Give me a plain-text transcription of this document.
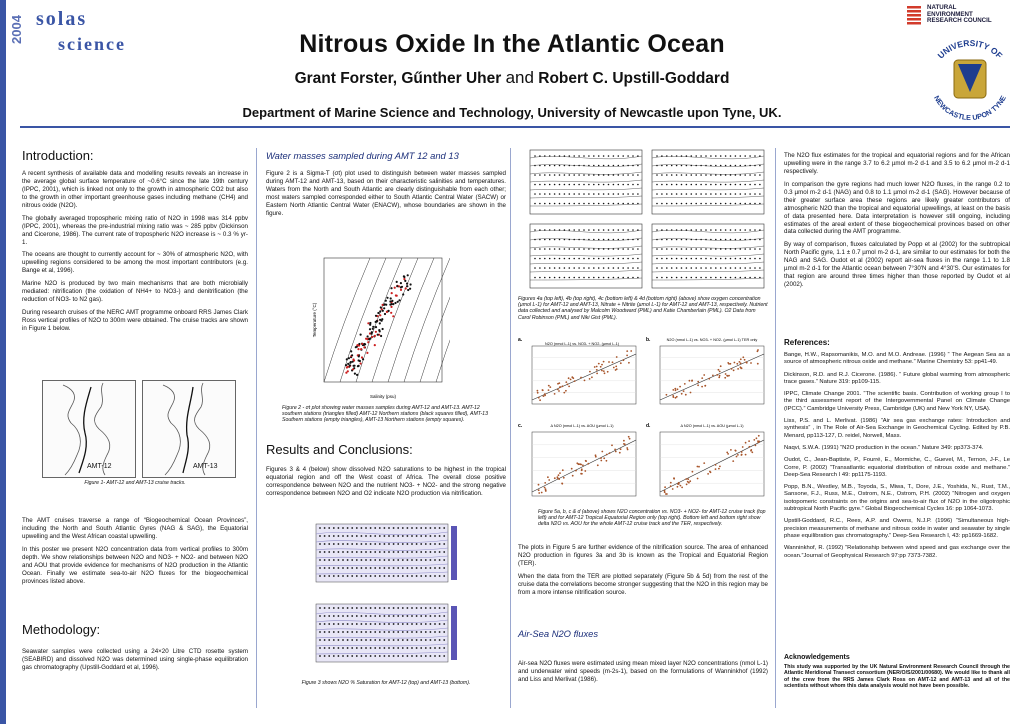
2004 solas
science	Nitrous Oxide In the Atlantic Ocean
Grant Forster, Gűnther Uher and Robert C. Upstill-Goddard
Department of Marine Science and Technology, University of Newcastle upon Tyne, UK.
NATURAL ENVIRONMENT RESEARCH COUNCIL
UNIVERSITY OF
NEWCASTLE UPON TYNE
Introduction:

A recent synthesis of available data and modelling results reveals an increase in the average global surface temperature of ~0.6°C since the late 19th century (IPPC, 2001), which is linked not only to the growth in atmospheric CO2 but also to the growth in other important greenhouse gases including methane (CH4) and nitrous oxide (N2O).

The globally averaged tropospheric mixing ratio of N2O in 1998 was 314 ppbv (IPPC, 2001), whereas the pre-industrial mixing ratio was ~ 285 ppbv (Dickinson and Cicerone, 1986). The current rate of tropospheric N2O increase is ~ 0.3 % yr-1.

The oceans are thought to currently account for ~ 30% of atmospheric N2O, with upwelling regions considered to be among the most important contributors (e.g. Bange et al, 1996).

Marine N2O is produced by two main mechanisms that are both microbially mediated: nitrification (the oxidation of NH4+ to NO3-) and denitrification (the reduction of NO3- to N2 gas).

During research cruises of the NERC AMT programme onboard RRS James Clark Ross vertical profiles of N2O to 300m were obtained. The cruise tracks are shown in Figure 1 below.

AMT-12	AMT-13
Figure 1- AMT-12 and AMT-13 cruise tracks.

The AMT cruises traverse a range of “Biogeochemical Ocean Provinces”, including the North and South Atlantic Gyres (NAG & SAG), the Equatorial upwelling and the West African coastal upwelling.

In this poster we present N2O concentration data from vertical profiles to 300m depth. We show relationships between N2O and NO3- + NO2- and between N2O and AOU that provide evidence for mechanisms of N2O production in the Atlantic Ocean. Finally we estimate sea-to-air N2O fluxes for the biogeochemical provinces listed above.

Methodology:

Seawater samples were collected using a 24×20 Litre CTD rosette system (SEABIRD) and dissolved N2O was determined using single-phase equilibration gas chromatography (Upstill-Goddard et al, 1996).

Water masses sampled during AMT 12 and 13
Figure 2 is a Sigma-T (σt) plot used to distinguish between water masses sampled during AMT-12 and AMT-13, based on their characteristic salinities and temperatures. Waters from the North and South Atlantic are clearly distinguishable from each other; most waters sampled corresponded either to South Atlantic Central Water (SACW) or Eastern North Atlantic Central Water (ENACW), whose boundaries are shown in the figure.
Salinity (psu)
Temperature (°C)
Figure 2 - σt plot showing water masses samples during AMT-12 and AMT-13. AMT-12 southern stations (triangles filled) AMT-12 Northern stations (black squares filled), AMT-13 Southern stations (empty triangles), AMT-13 Northern stations (empty squares).
Results and Conclusions:
Figures 3 & 4 (below) show dissolved N2O saturations to be highest in the tropical equatorial region and off the West coast of Africa. The overall close positive correspondence between N2O and the nutrient NO3- + NO2- and the strong negative correspondence between N2O and O2 indicate N2O production via nitrification.
Figure 3 shows N2O % Saturation for AMT-12 (top) and AMT-13 (bottom).
Figures 4a (top left), 4b (top right), 4c (bottom left) & 4d (bottom right) (above) show oxygen concentration (µmol L-1) for AMT-12 and AMT-13, Nitrate + Nitrite (µmol L-1) for AMT-12 and AMT-13, respectively. Nutrient data collected and analysed by Malcolm Woodward (PML) and Katie Chamberlain (PML). O2 Data from Carol Robinson (PML) and Niki Gist (PML).
a.
N2O (nmol L-1) vs. NO3- + NO2- (µmol L-1)
b.	N2O (nmol L-1) vs. NO3- + NO2- (µmol L-1) TER only
c.	Δ N2O (nmol L-1) vs. AOU (µmol L-1)	d.	Δ N2O (nmol L-1) vs. AOU (µmol L-1)
Figure 5a, b, c & d (above) shows N2O concentration vs. NO3- + NO2- for AMT-12 cruise track (top left) and for AMT-12 Tropical Equatorial Region only (top right). Bottom left and bottom right show delta N2O vs. AOU for the whole AMT-12 cruise track and the TER, respectively.

The plots in Figure 5 are further evidence of the nitrification source. The area of enhanced N2O production in figures 3a and 3b is known as the Tropical and Equatorial Region (TER).

When the data from the TER are plotted separately (Figure 5b & 5d) from the rest of the cruise data the correlations become stronger suggesting that the N2O in this region may be from a more intense nitrification source.

Air-Sea N2O fluxes
Air-sea N2O fluxes were estimated using mean mixed layer N2O concentrations (nmol L-1) and underwater wind speeds (m-2s-1), based on the formulations of Wanninkhof (1992) and Liss and Merlivat (1986).

The N2O flux estimates for the tropical and equatorial regions and for the African upwelling were in the range 3.7 to 6.2 µmol m-2 d-1 and 3.5 to 6.2 µmol m-2 d-1 respectively.

In comparison the gyre regions had much lower N2O fluxes, in the range 0.2 to 0.3 µmol m-2 d-1 (NAG) and 0.8 to 1.1 µmol m-2 d-1 (SAG). However because of their greater surface area these regions are likely greater contributors of atmospheric N2O than the tropical and equatorial upwellings, at least on the basis of data presented here. Data interpretation is however still ongoing, including estimates of the areal extent of these biogeochemical provinces based on other data collected during the AMT programme.

By way of comparison, fluxes calculated by Popp et al (2002) for the subtropical North Pacific gyre, 1.1 ± 0.7 µmol m-2 d-1, are similar to our estimates for both the NAG and SAG. Oudot et al (2002) report air-sea fluxes in the range 1.1 to 1.8 µmol m-2 d-1 for the Atlantic ocean between 7°30'N and 4°30'S. Our estimates for that region are around three times higher than those reported by Oudot et al (2002).

References:

Bange, H.W., Rapsomanikis, M.O. and M.O. Andreae. (1996) “ The Aegean Sea as a source of atmospheric nitrous oxide and methane.” Marine Chemistry 53: pp41-49.

Dickinson, R.D. and R.J. Cicerone. (1986). “ Future global warming from atmospheric trace gases.” Nature 319: pp109-115.

IPPC, Climate Change 2001. “The scientific basis. Contribution of working group I to the third assessment report of the Intergovernmental Panel on Climate Change (IPCC).” Cambridge University Press, Cambridge (UK) and New York NY, USA).

Liss, P.S. and L. Merlivat. (1986) “Air sea gas exchange rates: Introduction and synthesis” , in The Role of Air-Sea Exchange in Geochemical Cycling. Edited by P.B. Menard, pp113-127, D. reidel, Norwell, Mass.

Naqvi, S.W.A. (1991) “N2O production in the ocean.” Nature 349: pp373-374.

Oudot, C., Jean-Baptiste, P., Fourré, E., Mormiche, C., Guevel, M., Ternon, J-F., Le Corre, P. (2002) “Transatlantic equatorial distribution of nitrous oxide and methane.” Deep-Sea Research I 49: pp1175-1193.

Popp, B.N., Westley, M.B., Toyoda, S., Miwa, T., Dore, J.E., Yoshida, N., Rust, T.M., Sansone, F.J., Russ, M.E., Ostrom, N.E., Ostrom, P.H. (2002) “Nitrogen and oxygen isotopomeric constraints on the origins and sea-to-air flux of N2O in the oligotrophic subtropical North Pacific gyre.” Global Biogeochemical Cycles 16: pp 1064-1073.

Upstill-Goddard, R.C., Rees, A.P. and Owens, N.J.P. (1996) “Simultaneous high-precision measurements of methane and nitrous oxide in water and seawater by single phase equilibration gas chromatography.” Deep-Sea Research I, 43: pp1669-1682.

Wanninkhof, R. (1992) “Relationship between wind speed and gas exchange over the ocean.”Journal of Geophysical Research 97:pp 7373-7382.

Acknowledgements
This study was supported by the UK Natural Environment Research Council through the Atlantic Meridional Transect consortium (NER/O/S/2001/00680). We would like to thank all of the crew from the RRS James Clark Ross on AMT-12 and AMT-13 and all of the scientists without whom this data analysis would not have been possible.
